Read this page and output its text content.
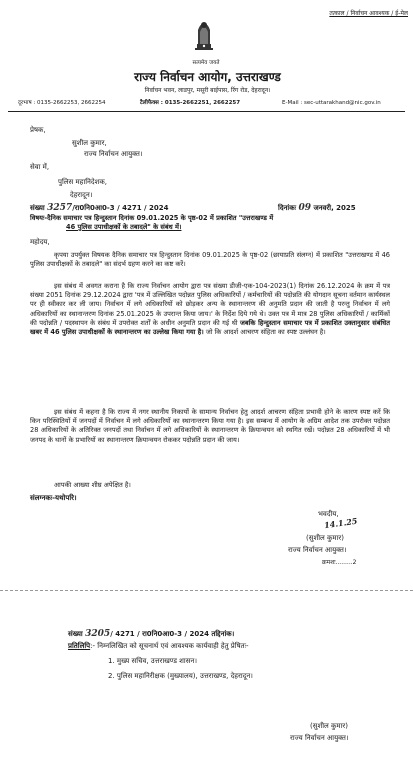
तत्काल / निर्वाचन आवश्यक / ई-मेल
सत्यमेव जयते
राज्य निर्वाचन आयोग, उत्तराखण्ड
निर्वाचन भवन, लाडपुर, मसूरी बाईपास, रिंग रोड, देहरादून।
दूरभाष : 0135-2662253, 2662254	टैलीफैक्स : 0135-2662251, 2662257	E-Mail : sec-uttarakhand@nic.gov.in
प्रेषक,
सुशील कुमार,
राज्य निर्वाचन आयुक्त।
सेवा में,
पुलिस महानिदेशक,
देहरादून।
संख्या 3257/रा0नि0आ0-3 / 4271 / 2024	दिनांकः 09 जनवरी, 2025
विषयः-दैनिक समाचार पत्र हिन्दुस्तान दिनांक 09.01.2025 के पृष्ठ-02 में प्रकाशित "उत्तराखण्ड में
46 पुलिस उपाधीक्षकों के तबादले" के संबंध में।
महोदय,
कृपया उपर्युक्त विषयक दैनिक समाचार पत्र हिन्दुस्तान दिनांक 09.01.2025 के पृष्ठ-02 (छायाप्रति संलग्न) में प्रकाशित "उत्तराखण्ड में 46 पुलिस उपाधीक्षकों के तबादले" का संदर्भ ग्रहण करने का कष्ट करें।
इस संबंध में अवगत कराना है कि राज्य निर्वाचन आयोग द्वारा पत्र संख्या डीजी-एक-104-2023(1) दिनांक 26.12.2024 के क्रम में पत्र संख्या 2051 दिनांक 29.12.2024 द्वारा 'पत्र में उल्लिखित पदोन्नत पुलिस अधिकारियों / कर्मचारियों की पदोन्नति की योगदान सूचना वर्तमान कार्यस्थल पर ही स्वीकार कर ली जाय। निर्वाचन में लगे अधिकारियों को छोड़कर अन्य के स्थानान्तरण की अनुमति प्रदान की जाती है परन्तु निर्वाचन में लगे अधिकारियों का स्थानान्तरण दिनांक 25.01.2025 के उपरान्त किया जाय।' के निर्देश दिये गये थे। उक्त पत्र में मात्र 28 पुलिस अधिकारियों / कार्मिकों की पदोन्नति / पदस्थापन के संबंध में उपरोक्त शर्तों के अधीन अनुमति प्रदान की गई थी जबकि हिन्दुस्तान समाचार पत्र में प्रकाशित उक्तानुसार संबंधित खबर में 46 पुलिस उपाधीक्षकों के स्थानान्तरण का उल्लेख किया गया है। जो कि आदर्श आचरण संहिता का स्पष्ट उल्लंघन है।
इस संबंध में कहना है कि राज्य में नगर स्थानीय निकायों के सामान्य निर्वाचन हेतु आदर्श आचरण संहिता प्रभावी होने के कारण स्पष्ट करें कि किन परिस्थितियों में जनपदों में निर्वाचन में लगे अधिकारियों का स्थानान्तरण किया गया है। इस सम्बन्ध में आयोग के अग्रिम आदेश तक उपरोक्त पदोन्नत 28 अधिकारियों के अतिरिक्त जनपदों तथा निर्वाचन में लगे अधिकारियों के स्थानान्तरण के क्रियान्वयन को स्थगित रखें। पदोन्नत 28 अधिकारियों में भी जनपद के थानों के प्रभारियों का स्थानान्तरण क्रियान्वयन रोककर पदोन्नति प्रदान की जाय।
आपकी आख्या शीघ्र अपेक्षित है।
संलग्नकः-यथोपरि।
भवदीय,
14.1.25
(सुशील कुमार)
राज्य निर्वाचन आयुक्त।
क्रमशः.........2
संख्या 3205/ 4271 / रा0नि0आ0-3 / 2024 तद्दिनांक।
प्रतिलिपि:- निम्नलिखित को सूचनार्थ एवं आवश्यक कार्यवाही हेतु प्रेषितः-
1. मुख्य सचिव, उत्तराखण्ड शासन।
2. पुलिस महानिरीक्षक (मुख्यालय), उत्तराखण्ड, देहरादून।
(सुशील कुमार)
राज्य निर्वाचन आयुक्त।
